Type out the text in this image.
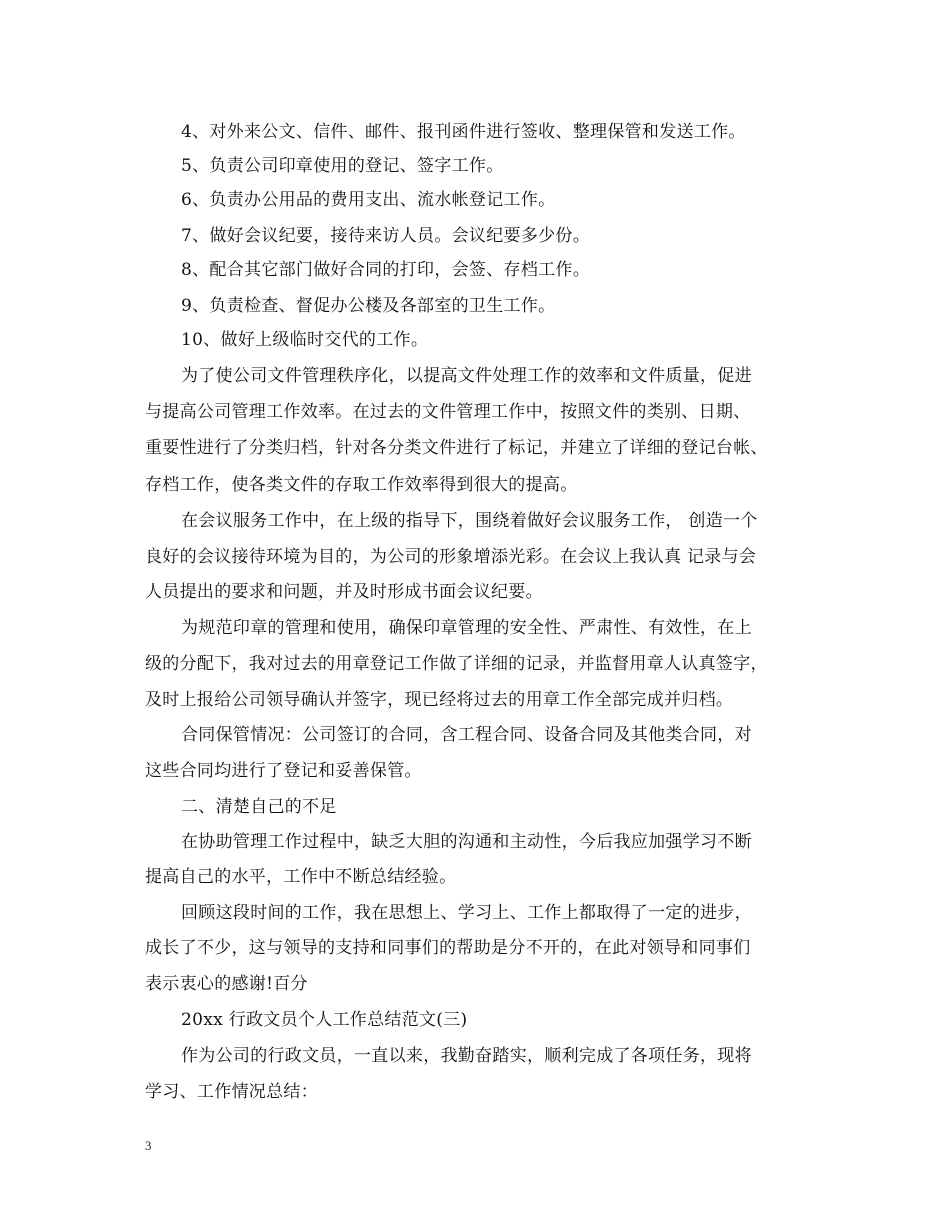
4、对外来公文、信件、邮件、报刊函件进行签收、整理保管和发送工作。
5、负责公司印章使用的登记、签字工作。
6、负责办公用品的费用支出、流水帐登记工作。
7、做好会议纪要，接待来访人员。会议纪要多少份。
8、配合其它部门做好合同的打印，会签、存档工作。
9、负责检查、督促办公楼及各部室的卫生工作。
10、做好上级临时交代的工作。
为了使公司文件管理秩序化，以提高文件处理工作的效率和文件质量，促进
与提高公司管理工作效率。在过去的文件管理工作中，按照文件的类别、日期、
重要性进行了分类归档，针对各分类文件进行了标记，并建立了详细的登记台帐、
存档工作，使各类文件的存取工作效率得到很大的提高。
在会议服务工作中，在上级的指导下，围绕着做好会议服务工作， 创造一个
良好的会议接待环境为目的，为公司的形象增添光彩。在会议上我认真 记录与会
人员提出的要求和问题，并及时形成书面会议纪要。
为规范印章的管理和使用，确保印章管理的安全性、严肃性、有效性，在上
级的分配下，我对过去的用章登记工作做了详细的记录，并监督用章人认真签字，
及时上报给公司领导确认并签字，现已经将过去的用章工作全部完成并归档。
合同保管情况：公司签订的合同，含工程合同、设备合同及其他类合同，对
这些合同均进行了登记和妥善保管。
二、清楚自己的不足
在协助管理工作过程中，缺乏大胆的沟通和主动性，今后我应加强学习不断
提高自己的水平，工作中不断总结经验。
回顾这段时间的工作，我在思想上、学习上、工作上都取得了一定的进步，
成长了不少，这与领导的支持和同事们的帮助是分不开的，在此对领导和同事们
表示衷心的感谢!百分
20xx 行政文员个人工作总结范文(三)
作为公司的行政文员，一直以来，我勤奋踏实，顺利完成了各项任务，现将
学习、工作情况总结：
3
